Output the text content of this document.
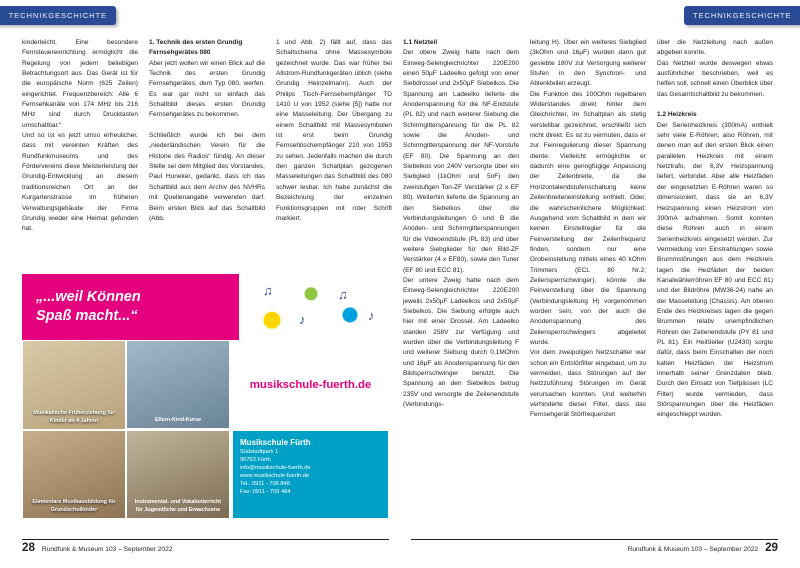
TECHNIKGESCHICHTE	TECHNIKGESCHICHTE

kinderleicht. Eine besondere Fernsteuereinrichtung ermöglicht die Regelung von jedem beliebigen Betrachtungsort aus. Das Gerät ist für die europäische Norm (625 Zeilen) eingerichtet. Frequenzbereich: Alle 6 Fernsehkanäle von 174 MHz bis 216 MHz sind durch Drucktasten umschaltbar.“

Und so ist es jetzt umso erfreulicher, dass mit vereinten Kräften des Rundfunkmuseums und des Fördervereins diese Meisterleistung der Grundig-Entwicklung an diesem traditionsreichen Ort an der Kurgartenstrasse im früheren Verwaltungsgebäude der Firma Grundig wieder eine Heimat gefunden hat.

1. Technik des ersten Grundig Fernsehgerätes 080

Aber jetzt wollen wir einen Blick auf die Technik des ersten Grundig Fernsehgerätes, dem Typ 080, werfen. Es war gar nicht so einfach das Schaltbild dieses ersten Grundig Fernsehgerätes zu bekommen.

Schließlich wurde ich bei dem „niederländischen Verein für die Historie des Radios“ fündig. An dieser Stelle sei dem Mitglied des Vorstandes, Paul Huneker, gedankt, dass ich das Schaltbild aus dem Archiv des NVHRs mit Quellenangabe verwenden darf. Beim ersten Blick auf das Schaltbild (Abb.

1 und Abb. 2) fällt auf, dass das Schaltschema ohne Massesymbole gezeichnet wurde. Das war früher bei Allstrom-Rundfunkgeräten üblich (siehe Grundig Heinzelmann). Auch der Philips Tisch-Fernsehempfänger TD 1410 U von 1952 (siehe [5]) hatte nur eine Masseleitung. Der Übergang zu einem Schaltbild mit Massesymbolen ist erst beim Grundig Fernsehtischempfänger 210 von 1953 zu sehen. Jedenfalls machen die durch den ganzen Schaltplan gezogenen Masseleitungen das Schaltbild des 080 schwer lesbar. Ich habe zunächst die Bezeichnung der einzelnen Funktionsgruppen mit roter Schrift markiert.

1.1 Netzteil

Der obere Zweig hatte nach dem Einweg-Selengleichrichter 220E200 einen 50µF Ladeelko gefolgt von einer Siebdrossel und 2x50µF Siebelkos. Die Spannung am Ladeelko lieferte die Anodenspannung für die NF-Endstufe (PL 82) und nach weiterer Siebung die Schirmgitterspannung für die PL 82 sowie die Anoden- und Schirmgitterspannung der NF-Vorstufe (EF 80). Die Spannung an den Siebelkos von 240V versorgte über ein Siebglied (1kOhm und 5nF) den zweistufigen Ton-ZF Verstärker (2 x EF 80). Weiterhin lieferte die Spannung an den Siebelkos über die Verbindungsleitungen G und B die Anoden- und Schirmgitterspannungen für die Videoendstufe (PL 83) und über weitere Siebglieder für den Bild-ZF Verstärker (4 x EF80), sowie den Tuner (EF 80 und ECC 81).

Der untere Zweig hatte nach dem Einweg-Selengleichrichter 220E200 jeweils 2x50µF Ladeelkos und 2x50µF Siebelkos. Die Siebung erfolgte auch hier mit einer Drossel. Am Ladeelko standen 258V zur Verfügung und wurden über die Verbindungsleitung F und weiterer Siebung durch 0,1MOhm und 16µF als Anodenspannung für den Bildsperrschwinger benutzt. Die Spannung an den Siebelkos betrug 235V und versorgte die Zeilenendstufe (Verbindungs-

leitung H). Über ein weiteres Siebglied (3kOhm und 16µF) wurden dann gut gesiebte 180V zur Versorgung weiterer Stufen in den Synchron- und Ablenkteilen erzeugt.

Die Funktion des 100Ohm regelbaren Widerstandes direkt hinter dem Gleichrichter, im Schaltplan als stetig verstellbar gezeichnet, erschließt sich nicht direkt. Es ist zu vermuten, dass er zur Feinregulierung dieser Spannung diente. Vielleicht ermöglichte er dadurch eine geringfügige Anpassung der Zeilenbreite, da die Horizontalendstufenschaltung keine Zeilenbreiteneinstellung enthielt. Oder, die wahrscheinlichere Möglichkeit: Ausgehend vom Schaltbild in dem wir keinen Einstellregler für die Feinverstellung der Zeilenfrequenz finden, sondern nur eine Grobeinstellung mittels eines 40 kOhm Trimmers (ECL 80 Nr.2; Zeilensperrschwinger), könnte die Feinverstellung über die Spannung (Verbindungsleitung H) vorgenommen worden sein, von der auch die Anodenspannung des Zeilensperrschwingers abgeleitet wurde.

Vor dem zweipoligen Netzschalter war schon ein Entstörfilter eingebaut, um zu vermeiden, dass Störungen auf der Netzzuführung Störungen im Gerät verursachen konnten. Und weiterhin verhinderte dieser Filter, dass das Fernsehgerät Störfrequenzen

über die Netzleitung nach außen abgeben konnte.

Das Netzteil wurde deswegen etwas ausführlicher beschrieben, weil es helfen soll, schnell einen Überblick über das Gesamtschaltbild zu bekommen.

1.2 Heizkreis

Der Serienheizkreis (300mA) enthielt sehr viele E-Röhren, also Röhren, mit denen man auf den ersten Blick einen parallelen Heizkreis mit einem Netztrafo, der 6,3V Heizspannung liefert, verbindet. Aber alle Heizfäden der eingesetzten E-Röhren waren so dimensioniert, dass sie an 6,3V Heizspannung einen Heizstrom von 300mA aufnahmen. Somit konnten diese Röhren auch in einem Serienheizkreis eingesetzt werden. Zur Vermeidung von Einstrahlungen sowie Brummstörungen aus dem Heizkreis lagen die Heizfäden der beiden Kanalwählerröhren EF 80 und ECC 81) und der Bildröhre (MW36-24) nahe an der Masseleitung (Chassis). Am oberen Ende des Heizkreises lagen die gegen Brummen relativ unempfindlichen Röhren der Zeilenendstufe (PY 81 und PL 81). Ein Heißleiter (U2430) sorgte dafür, dass beim Einschalten der noch kalten Heizfäden der Heizstrom innerhalb seiner Grenzdaten blieb. Durch den Einsatz von Tiefpässen (LC Filter) wurde vermieden, dass Störspannungen über die Heizfäden eingeschleppt wurden.

„...weil Können
Spaß macht...“
♫
♪
♫
♪
Musikalische Früherziehung für Kinder ab 4 Jahren	Eltern-Kind-Kurse
Elementare Musikausbildung für Grundschulkinder
Instrumental- und Vokalunterricht für Jugendliche und Erwachsene
musikschule-fuerth.de
Musikschule Fürth
Südstadtpark 1
90763 Fürth
info@musikschule-fuerth.de
www.musikschule-fuerth.de
Tel.: 0911 - 706 848
Fax: 0911 - 709 484
28 Rundfunk & Museum 103 – September 2022	Rundfunk & Museum 103 – September 2022 29
